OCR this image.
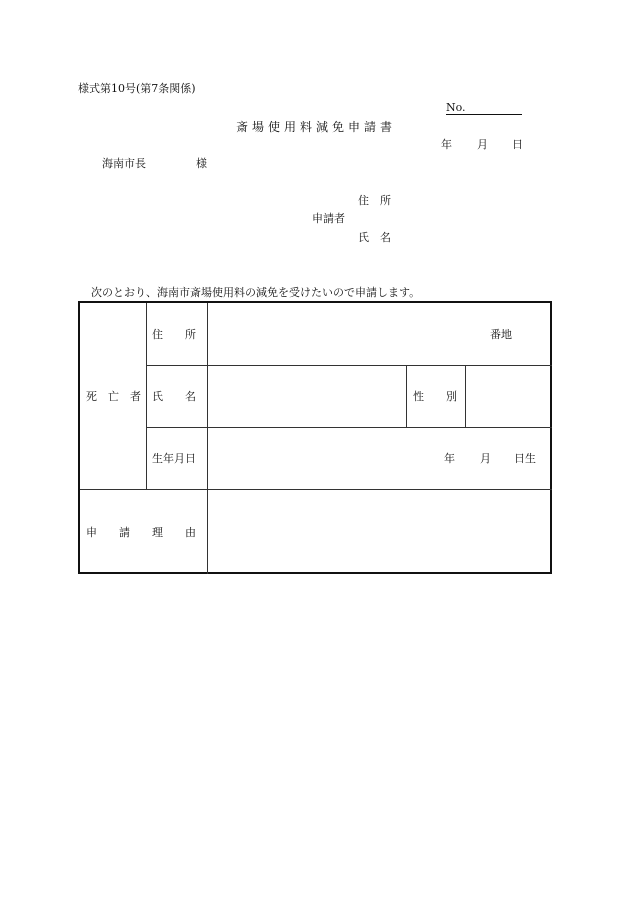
様式第10号(第7条関係)
No.
斎場使用料減免申請書
年 月 日
海南市長	様
住　所
申請者
氏　名
次のとおり、海南市斎場使用料の減免を受けたいので申請します。
死　亡　者
住　　所	番地
氏　　名	性　　別
生年月日	年 月 日生
申　　請　　理　　由
